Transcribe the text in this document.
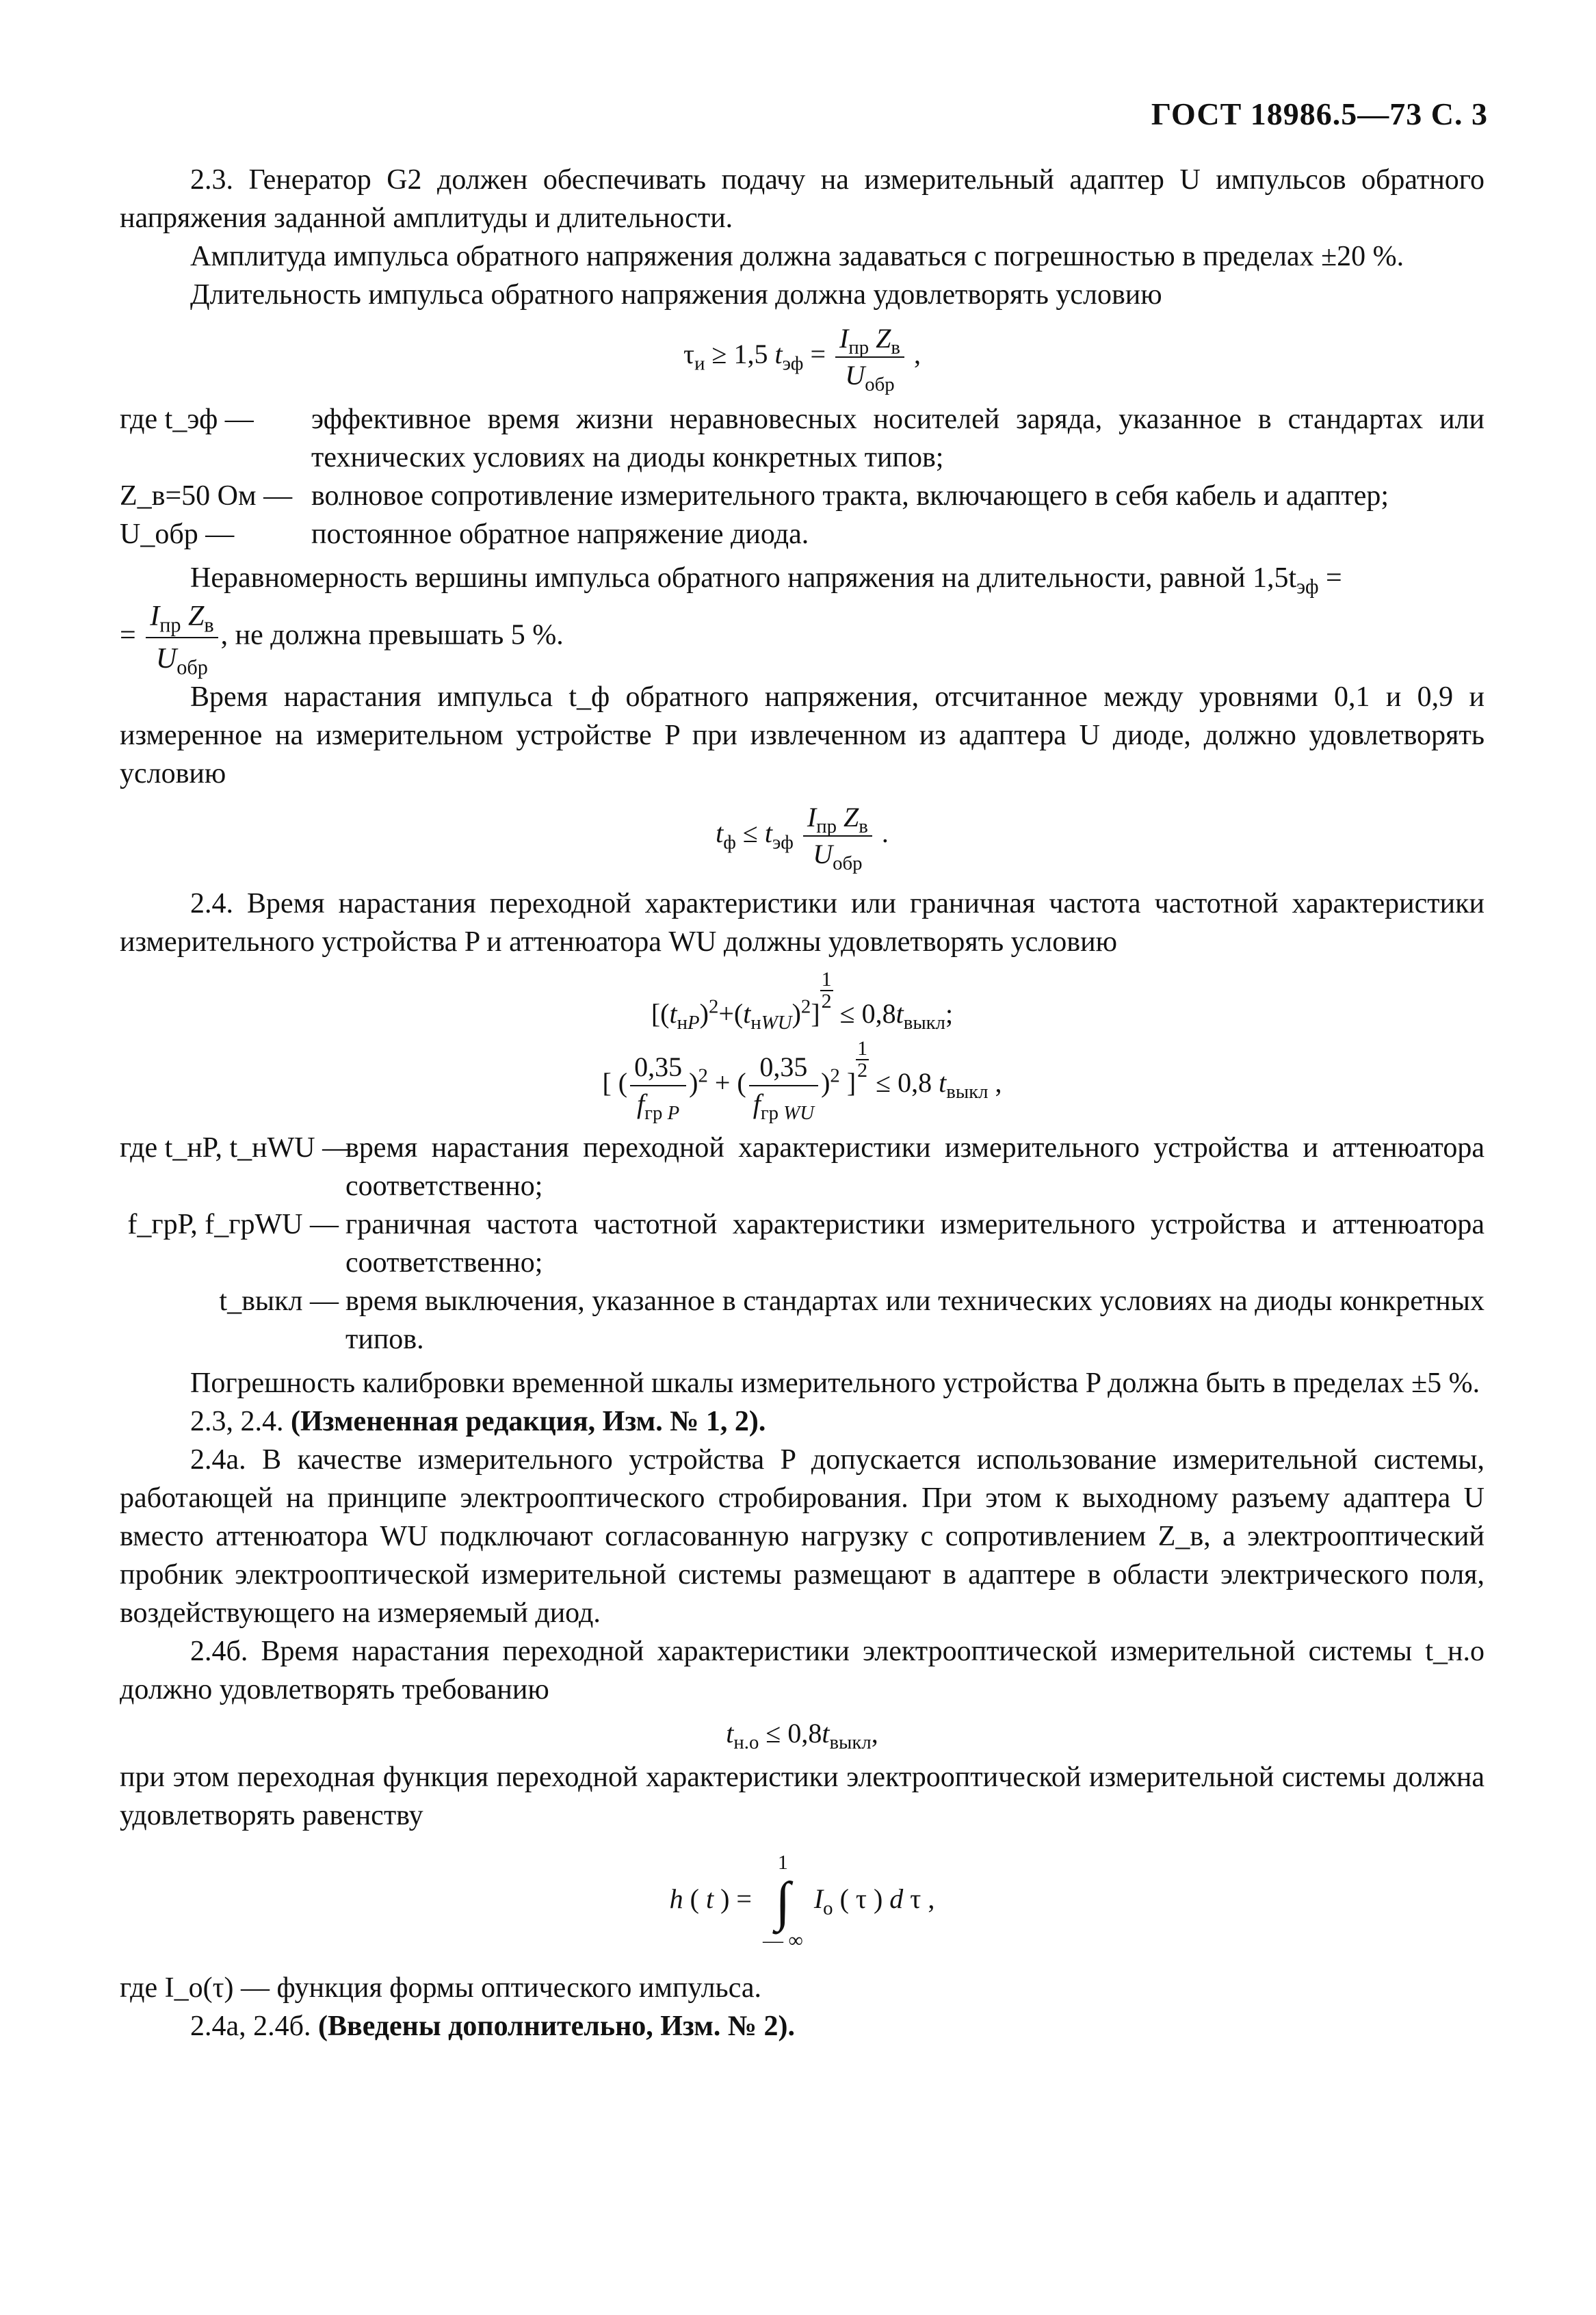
ГОСТ 18986.5—73 С. 3

2.3. Генератор G2 должен обеспечивать подачу на измерительный адаптер U импульсов обратного напряжения заданной амплитуды и длительности.

Амплитуда импульса обратного напряжения должна задаваться с погрешностью в пределах ±20 %.

Длительность импульса обратного напряжения должна удовлетворять условию

$\tau_и \ge 1,5$ $t_{эф} = \frac{I_{пр} Z_в}{U_{обр}}$ ,
где t_эф —	эффективное время жизни неравновесных носителей заряда, указанное в стандартах или технических условиях на диоды конкретных типов;
Z_в=50 Ом — волновое сопротивление измерительного тракта, включающего в себя кабель и адаптер;
U_обр —	постоянное обратное напряжение диода.

Неравномерность вершины импульса обратного напряжения на длительности, равной $1,5t_{эф}$ =

= $\frac{I_{пр} Z_в}{U_{обр}}$ , не должна превышать 5 %.

Время нарастания импульса t_ф обратного напряжения, отсчитанное между уровнями 0,1 и 0,9 и измеренное на измерительном устройстве P при извлеченном из адаптера U диоде, должно удовлетворять условию

$t_ф \le t_{эф} \frac{I_{пр} Z_в}{U_{обр}}$ .

2.4. Время нарастания переходной характеристики или граничная частота частотной характеристики измерительного устройства P и аттенюатора WU должны удовлетворять условию

$[(t_{нP})^2+(t_{нWU})^2]$
$\frac{1}{2}$
≤ $0,8t_{выкл}$;
[ ( $\frac{0,35}{f_{гр P}} )^2$ + ( $\frac{0,35}{f_{гр WU}} )^2$ ]
$\frac{1}{2}$
≤ 0,8 $t_{выкл}$ ,
где t_нP, t_нWU —
время нарастания переходной характеристики измерительного устройства и аттенюатора соответственно;
f_грP, f_грWU — граничная частота частотной характеристики измерительного устройства и аттенюатора соответственно;
t_выкл — время выключения, указанное в стандартах или технических условиях на диоды конкретных типов.

Погрешность калибровки временной шкалы измерительного устройства P должна быть в пределах ±5 %.

2.3, 2.4. (Измененная редакция, Изм. № 1, 2).

2.4а. В качестве измерительного устройства P допускается использование измерительной системы, работающей на принципе электрооптического стробирования. При этом к выходному разъему адаптера U вместо аттенюатора WU подключают согласованную нагрузку с сопротивлением Z_в, а электрооптический пробник электрооптической измерительной системы размещают в адаптере в области электрического поля, воздействующего на измеряемый диод.

2.4б. Время нарастания переходной характеристики электрооптической измерительной системы t_н.о должно удовлетворять требованию

$t_{н.о} \le 0,8t_{выкл}$,

при этом переходная функция переходной характеристики электрооптической измерительной системы должна удовлетворять равенству

h ( t ) =
1
∫
— ∞
$I_о$ ( τ ) d τ ,

где I_о(τ) — функция формы оптического импульса.

2.4а, 2.4б. (Введены дополнительно, Изм. № 2).
